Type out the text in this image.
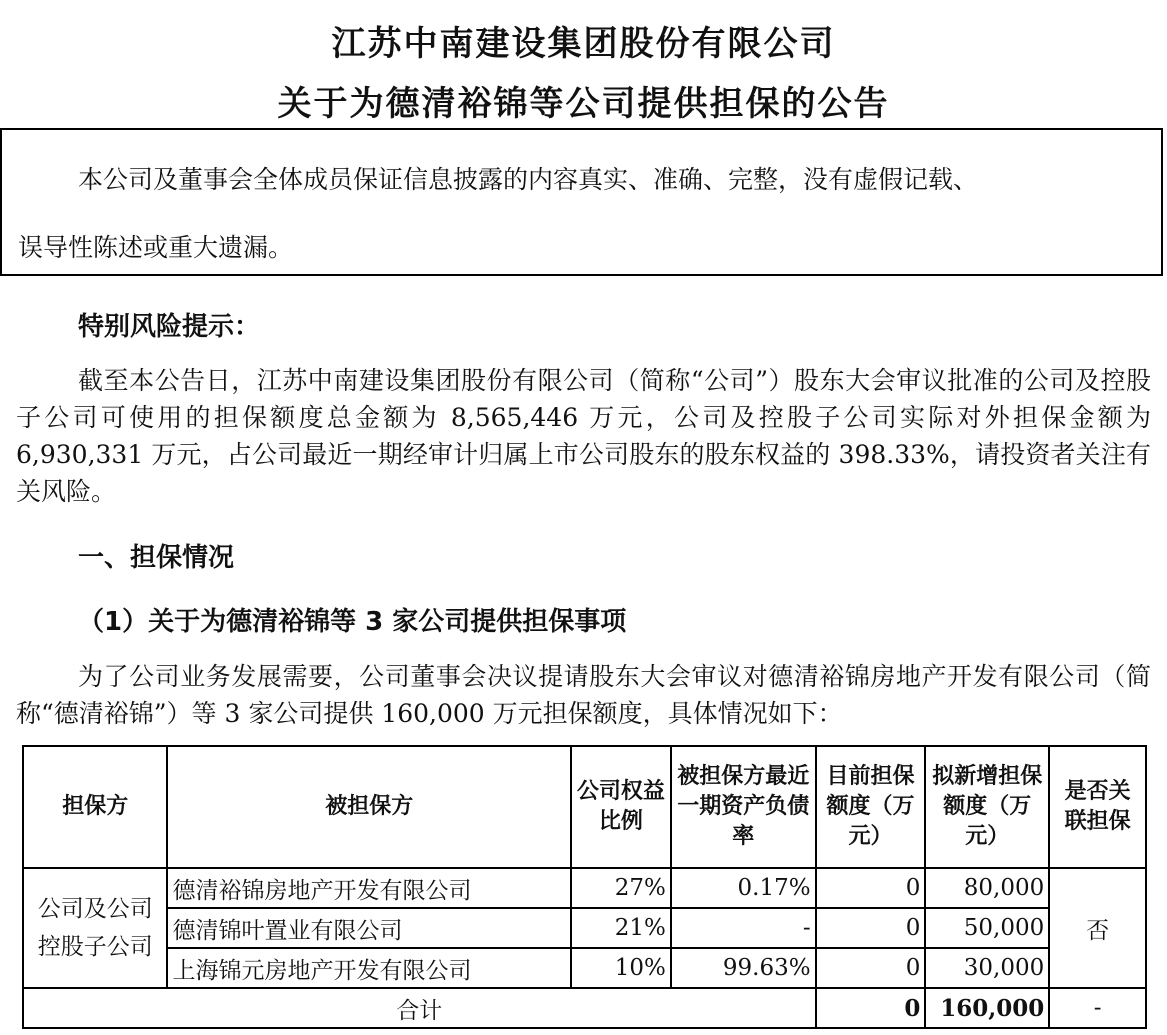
江苏中南建设集团股份有限公司
关于为德清裕锦等公司提供担保的公告
本公司及董事会全体成员保证信息披露的内容真实、准确、完整，没有虚假记载、
误导性陈述或重大遗漏。
特别风险提示：
截至本公告日，江苏中南建设集团股份有限公司（简称“公司”）股东大会审议批准的公司及控股子公司可使用的担保额度总金额为 8,565,446 万元，公司及控股子公司实际对外担保金额为 6,930,331 万元，占公司最近一期经审计归属上市公司股东的股东权益的 398.33%，请投资者关注有关风险。
一、担保情况
（1）关于为德清裕锦等 3 家公司提供担保事项
为了公司业务发展需要，公司董事会决议提请股东大会审议对德清裕锦房地产开发有限公司（简称“德清裕锦”）等 3 家公司提供 160,000 万元担保额度，具体情况如下：
担保方	被担保方	公司权益比例	被担保方最近一期资产负债率	目前担保额度（万元）	拟新增担保额度（万元）	是否关联担保
公司及公司控股子公司	德清裕锦房地产开发有限公司	27%	0.17%	0	80,000	否
	德清锦叶置业有限公司	21%	-	0	50,000	
	上海锦元房地产开发有限公司	10%	99.63%	0	30,000	
合计				0	160,000	-
